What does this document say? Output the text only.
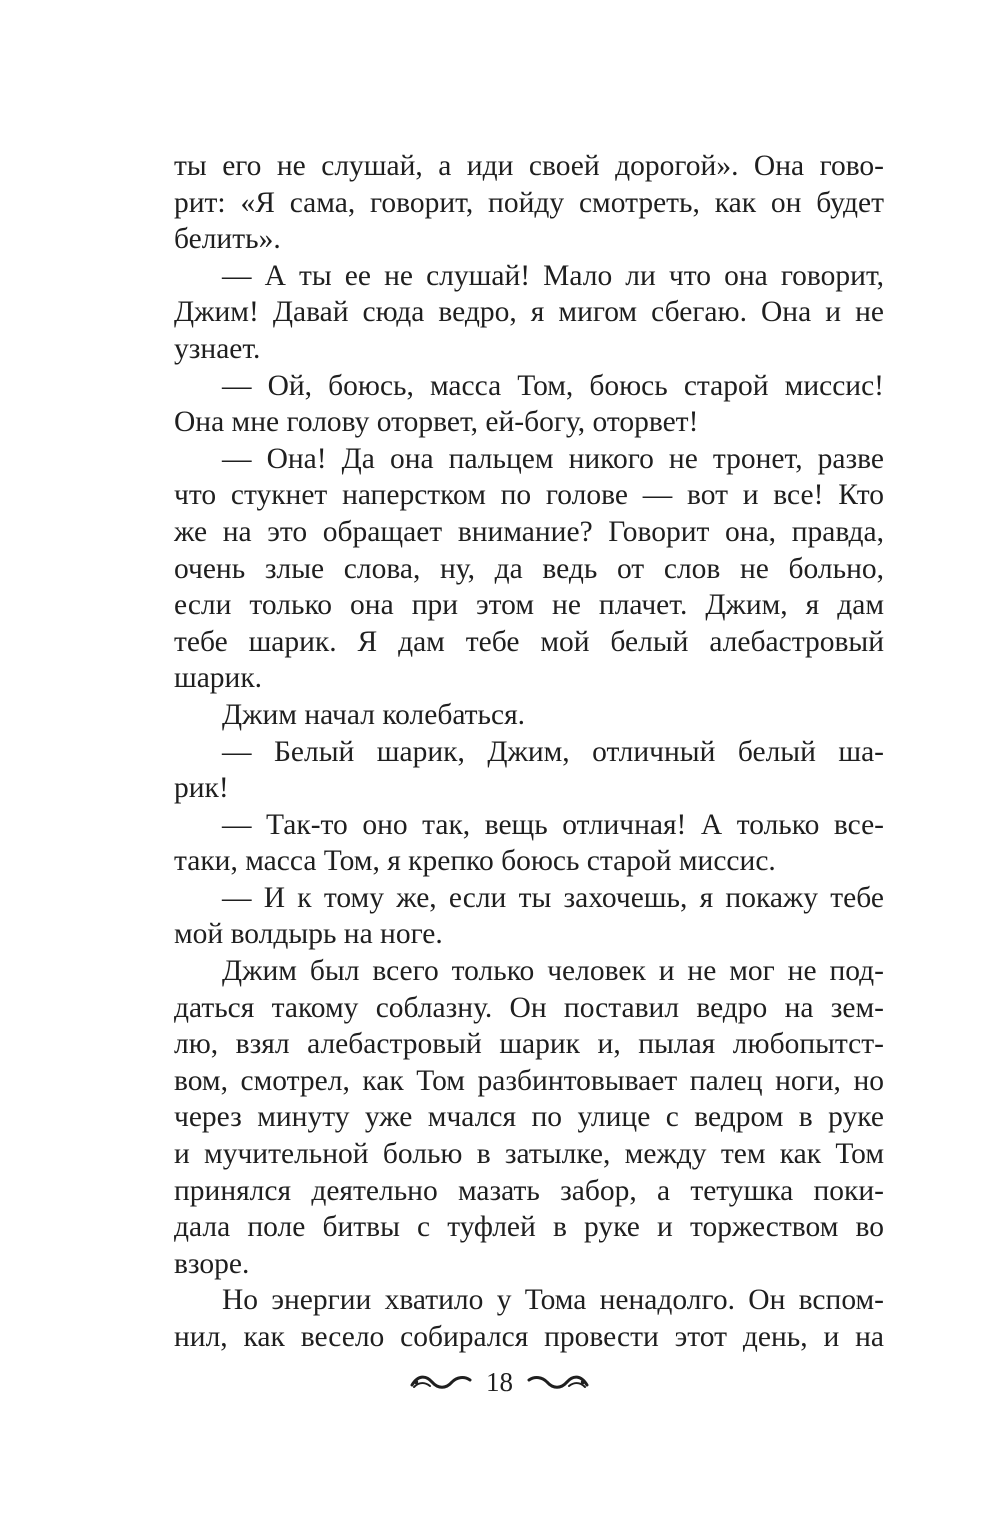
ты его не слушай, а иди своей дорогой». Она гово-
рит: «Я сама, говорит, пойду смотреть, как он будет
белить».
— А ты ее не слушай! Мало ли что она говорит,
Джим! Давай сюда ведро, я мигом сбегаю. Она и не
узнает.
— Ой, боюсь, масса Том, боюсь старой миссис!
Она мне голову оторвет, ей-богу, оторвет!
— Она! Да она пальцем никого не тронет, разве
что стукнет наперстком по голове — вот и все! Кто
же на это обращает внимание? Говорит она, правда,
очень злые слова, ну, да ведь от слов не больно,
если только она при этом не плачет. Джим, я дам
тебе шарик. Я дам тебе мой белый алебастровый
шарик.
Джим начал колебаться.
— Белый шарик, Джим, отличный белый ша-
рик!
— Так-то оно так, вещь отличная! А только все-
таки, масса Том, я крепко боюсь старой миссис.
— И к тому же, если ты захочешь, я покажу тебе
мой волдырь на ноге.
Джим был всего только человек и не мог не под-
даться такому соблазну. Он поставил ведро на зем-
лю, взял алебастровый шарик и, пылая любопытст-
вом, смотрел, как Том разбинтовывает палец ноги, но
через минуту уже мчался по улице с ведром в руке
и мучительной болью в затылке, между тем как Том
принялся деятельно мазать забор, а тетушка поки-
дала поле битвы с туфлей в руке и торжеством во
взоре.
Но энергии хватило у Тома ненадолго. Он вспом-
нил, как весело собирался провести этот день, и на
18
